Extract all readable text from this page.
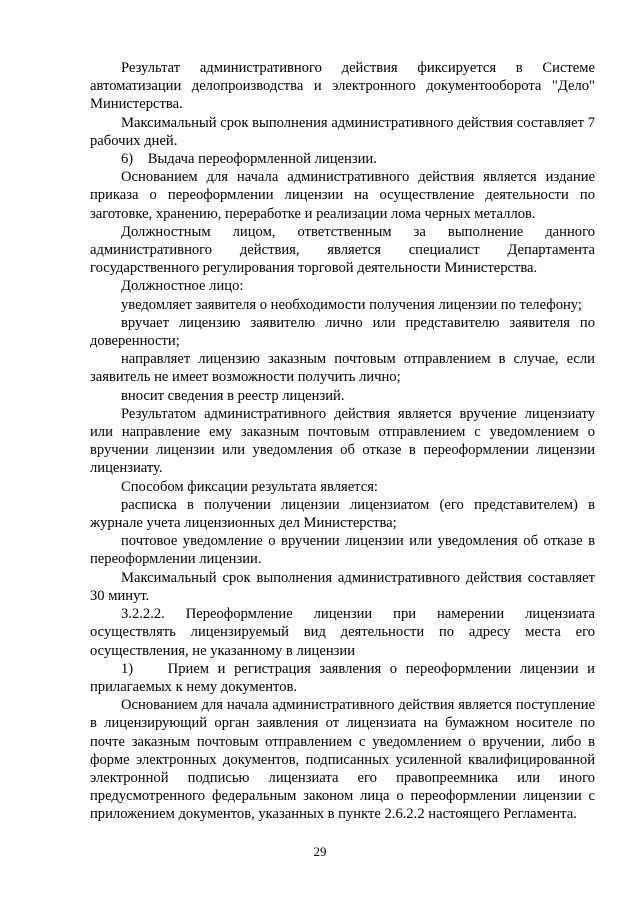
Результат административного действия фиксируется в Системе автоматизации делопроизводства и электронного документооборота "Дело" Министерства.

Максимальный срок выполнения административного действия составляет 7 рабочих дней.

6)    Выдача переоформленной лицензии.

Основанием для начала административного действия является издание приказа о переоформлении лицензии на осуществление деятельности по заготовке, хранению, переработке и реализации лома черных металлов.

Должностным лицом, ответственным за выполнение данного административного действия, является специалист Департамента государственного регулирования торговой деятельности Министерства.

Должностное лицо:

уведомляет заявителя о необходимости получения лицензии по телефону;

вручает лицензию заявителю лично или представителю заявителя по доверенности;

направляет лицензию заказным почтовым отправлением в случае, если заявитель не имеет возможности получить лично;

вносит сведения в реестр лицензий.

Результатом административного действия является вручение лицензиату или направление ему заказным почтовым отправлением с уведомлением о вручении лицензии или уведомления об отказе в переоформлении лицензии лицензиату.

Способом фиксации результата является:

расписка в получении лицензии лицензиатом (его представителем) в журнале учета лицензионных дел Министерства;

почтовое уведомление о вручении лицензии или уведомления об отказе в переоформлении лицензии.

Максимальный срок выполнения административного действия составляет 30 минут.

3.2.2.2. Переоформление лицензии при намерении лицензиата осуществлять лицензируемый вид деятельности по адресу места его осуществления, не указанному в лицензии

1)    Прием и регистрация заявления о переоформлении лицензии и прилагаемых к нему документов.

Основанием для начала административного действия является поступление в лицензирующий орган заявления от лицензиата на бумажном носителе по почте заказным почтовым отправлением с уведомлением о вручении, либо в форме электронных документов, подписанных усиленной квалифицированной электронной подписью лицензиата его правопреемника или иного предусмотренного федеральным законом лица о переоформлении лицензии с приложением документов, указанных в пункте 2.6.2.2 настоящего Регламента.

29
